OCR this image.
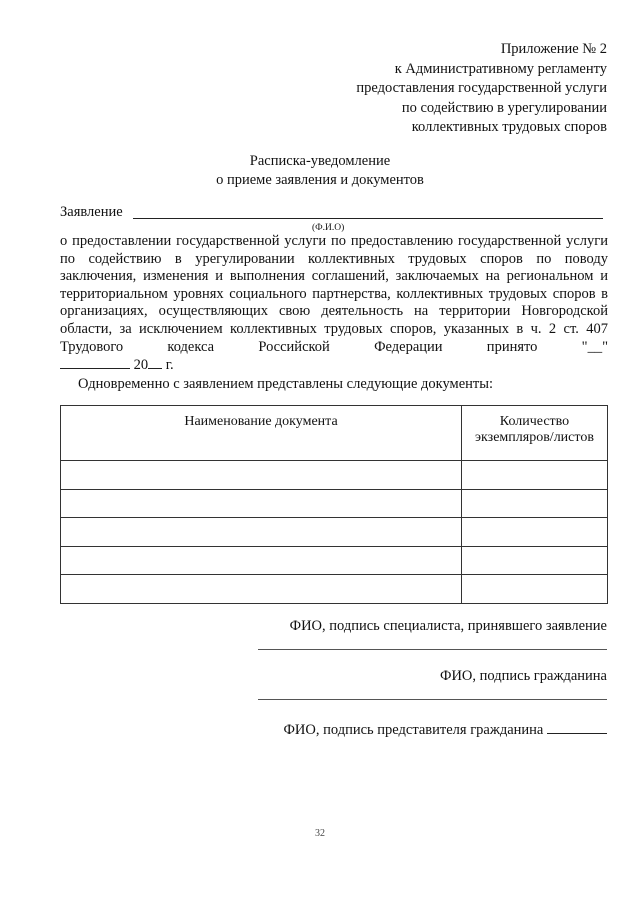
Приложение № 2
к Административному регламенту
предоставления государственной услуги
по содействию в урегулировании
коллективных трудовых споров
Расписка-уведомление
о приеме заявления и документов
Заявление
(Ф.И.О)
о предоставлении государственной услуги по предоставлению государственной услуги по содействию в урегулировании коллективных трудовых споров по поводу заключения, изменения и выполнения соглашений, заключаемых на региональном и территориальном уровнях социального партнерства, коллективных трудовых споров в организациях, осуществляющих свою деятельность на территории Новгородской области, за исключением коллективных трудовых споров, указанных в ч. 2 ст. 407 Трудового кодекса Российской Федерации принято "__"
20 г.
Одновременно с заявлением представлены следующие документы:
Наименование документа	Количество
экземпляров/листов

ФИО, подпись специалиста, принявшего заявление
ФИО, подпись гражданина
ФИО, подпись представителя гражданина
32
